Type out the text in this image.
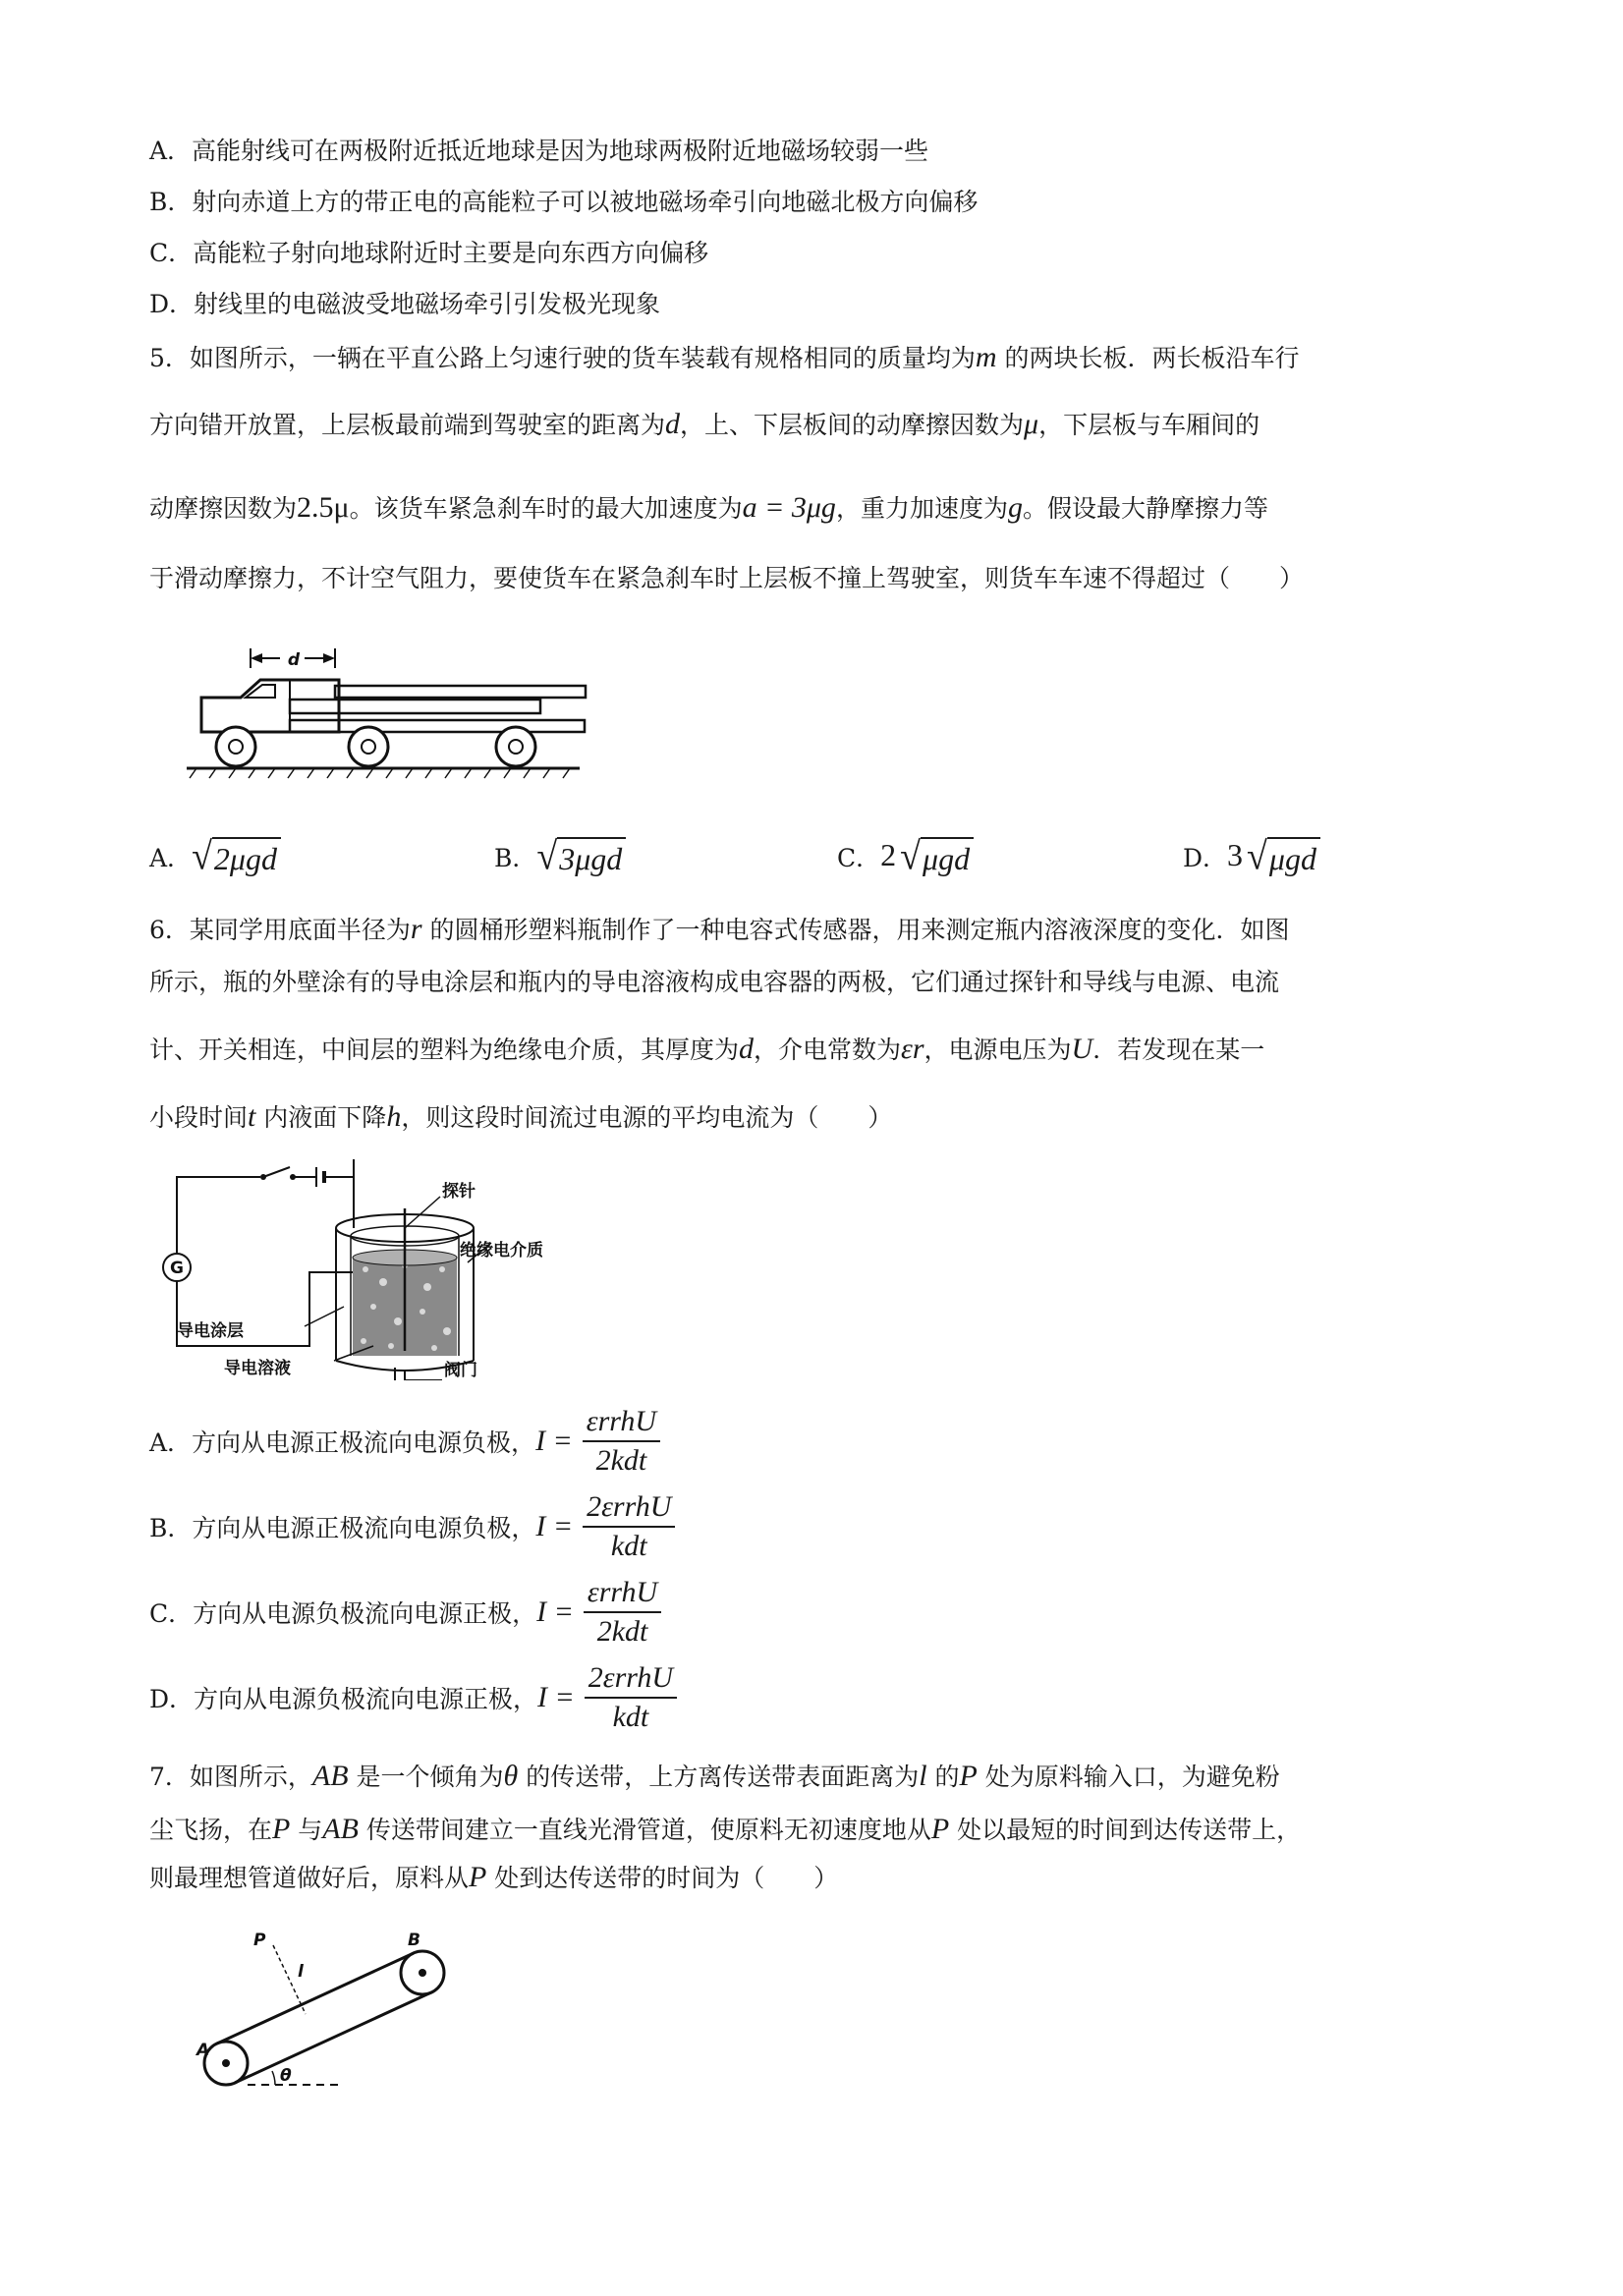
A．高能射线可在两极附近抵近地球是因为地球两极附近地磁场较弱一些
B．射向赤道上方的带正电的高能粒子可以被地磁场牵引向地磁北极方向偏移
C．高能粒子射向地球附近时主要是向东西方向偏移
D．射线里的电磁波受地磁场牵引引发极光现象
5．如图所示，一辆在平直公路上匀速行驶的货车装载有规格相同的质量均为m 的两块长板．两长板沿车行
方向错开放置，上层板最前端到驾驶室的距离为d，上、下层板间的动摩擦因数为μ，下层板与车厢间的
动摩擦因数为2.5μ。该货车紧急刹车时的最大加速度为a = 3μg，重力加速度为g。假设最大静摩擦力等
于滑动摩擦力，不计空气阻力，要使货车在紧急刹车时上层板不撞上驾驶室，则货车车速不得超过（　　）
d
A． √ 2μgd	B． √ 3μgd	C． 2 √ μgd	D． 3 √ μgd
6．某同学用底面半径为r 的圆桶形塑料瓶制作了一种电容式传感器，用来测定瓶内溶液深度的变化．如图
所示，瓶的外壁涂有的导电涂层和瓶内的导电溶液构成电容器的两极，它们通过探针和导线与电源、电流
计、开关相连，中间层的塑料为绝缘电介质，其厚度为d，介电常数为εr，电源电压为U．若发现在某一
小段时间t 内液面下降h，则这段时间流过电源的平均电流为（　　）
G
探针
绝缘电介质
导电涂层
导电溶液	阀门
A．方向从电源正极流向电源负极， $I = \frac{\text{εrrhU}}{\text{2kdt}}$
B．方向从电源正极流向电源负极， $I = \frac{\text{2εrrhU}}{\text{kdt}}$
C．方向从电源负极流向电源正极， $I = \frac{\text{εrrhU}}{\text{2kdt}}$
D．方向从电源负极流向电源正极， $I = \frac{\text{2εrrhU}}{\text{kdt}}$
7．如图所示，AB 是一个倾角为θ 的传送带，上方离传送带表面距离为l 的P 处为原料输入口，为避免粉
尘飞扬，在P 与AB 传送带间建立一直线光滑管道，使原料无初速度地从P 处以最短的时间到达传送带上，
则最理想管道做好后，原料从P 处到达传送带的时间为（　　）
A
B
P
l
θ
